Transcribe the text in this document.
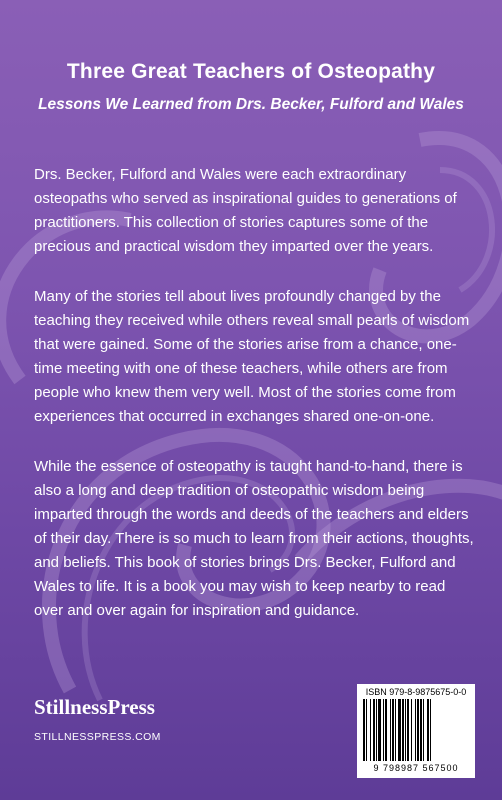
Three Great Teachers of Osteopathy
Lessons We Learned from Drs. Becker, Fulford and Wales

Drs. Becker, Fulford and Wales were each extraordinary osteopaths who served as inspirational guides to generations of practitioners. This collection of stories captures some of the precious and practical wisdom they imparted over the years.

Many of the stories tell about lives profoundly changed by the teaching they received while others reveal small pearls of wisdom that were gained. Some of the stories arise from a chance, one-time meeting with one of these teachers, while others are from people who knew them very well. Most of the stories come from experiences that occurred in exchanges shared one-on-one.

While the essence of osteopathy is taught hand-to-hand, there is also a long and deep tradition of osteopathic wisdom being imparted through the words and deeds of the teachers and elders of their day. There is so much to learn from their actions, thoughts, and beliefs. This book of stories brings Drs. Becker, Fulford and Wales to life. It is a book you may wish to keep nearby to read over and over again for inspiration and guidance.

StillnessPress
STILLNESSPRESS.COM
ISBN 979-8-9875675-0-0
9 798987 567500
